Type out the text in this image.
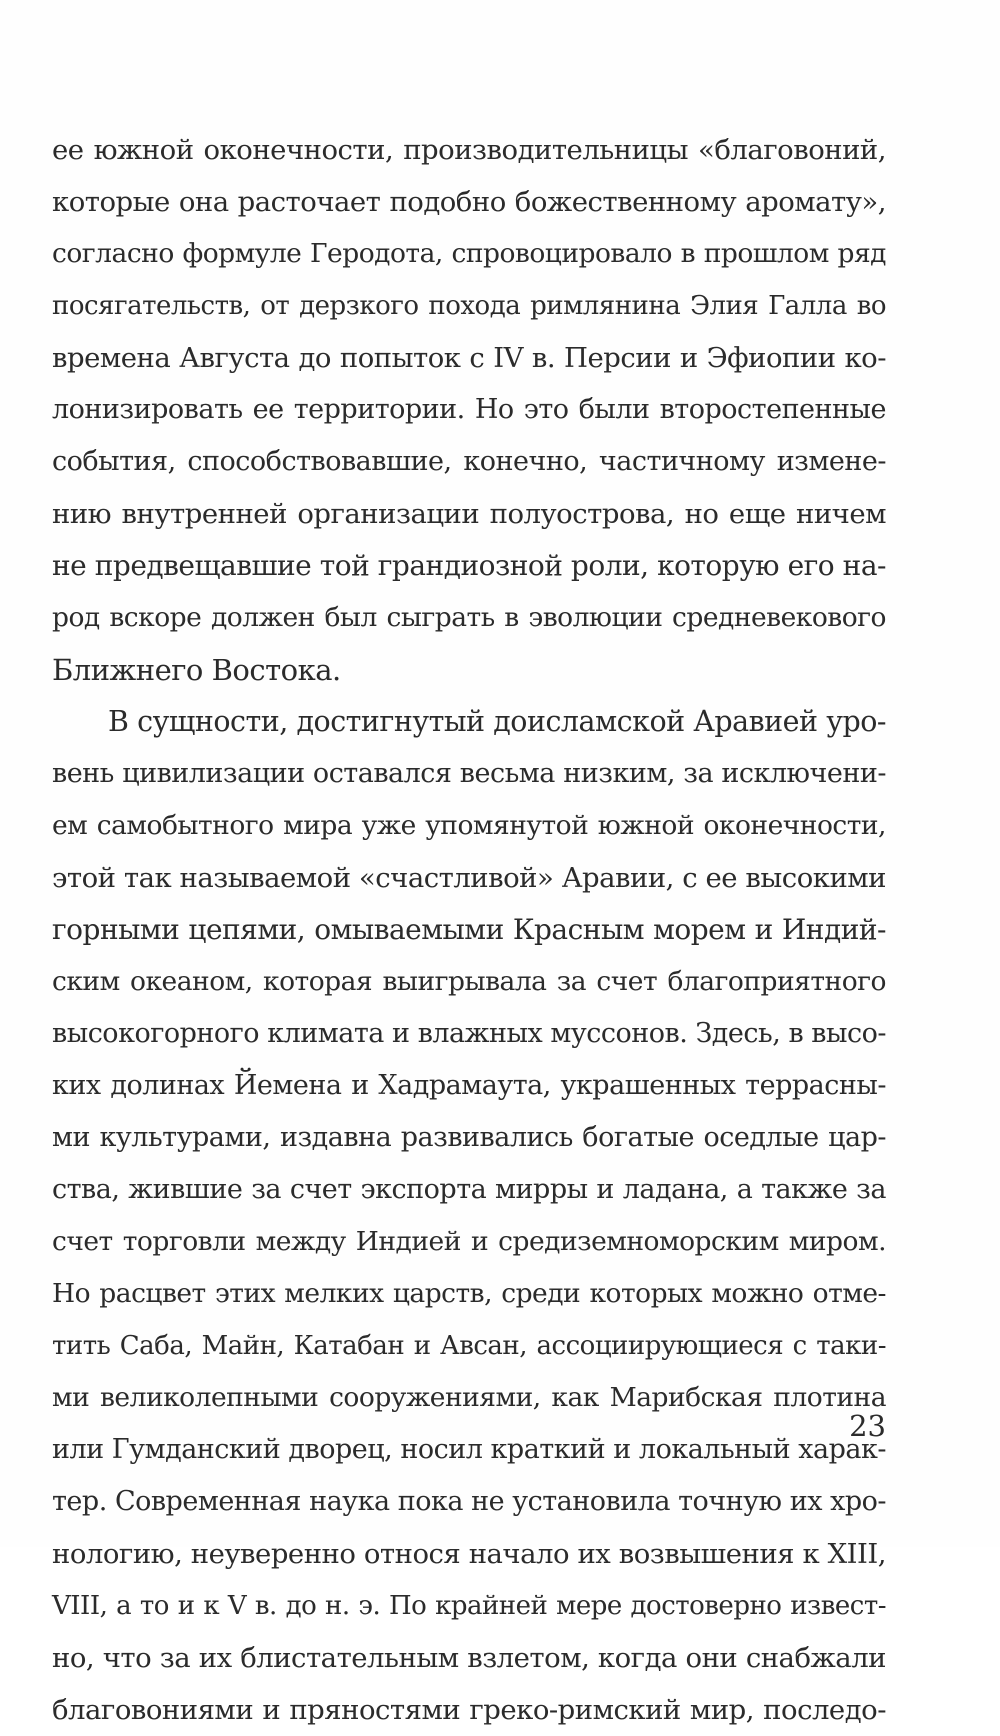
ее южной оконечности, производительницы «благовоний,
которые она расточает подобно божественному аромату»,
согласно формуле Геродота, спровоцировало в прошлом ряд
посягательств, от дерзкого похода римлянина Элия Галла во
времена Августа до попыток с IV в. Персии и Эфиопии ко-
лонизировать ее территории. Но это были второстепенные
события, способствовавшие, конечно, частичному измене-
нию внутренней организации полуострова, но еще ничем
не предвещавшие той грандиозной роли, которую его на-
род вскоре должен был сыграть в эволюции средневекового
Ближнего Востока.
В сущности, достигнутый доисламской Аравией уро-
вень цивилизации оставался весьма низким, за исключени-
ем самобытного мира уже упомянутой южной оконечности,
этой так называемой «счастливой» Аравии, с ее высокими
горными цепями, омываемыми Красным морем и Индий-
ским океаном, которая выигрывала за счет благоприятного
высокогорного климата и влажных муссонов. Здесь, в высо-
ких долинах Йемена и Хадрамаута, украшенных террасны-
ми культурами, издавна развивались богатые оседлые цар-
ства, жившие за счет экспорта мирры и ладана, а также за
счет торговли между Индией и средиземноморским миром.
Но расцвет этих мелких царств, среди которых можно отме-
тить Саба, Майн, Катабан и Авсан, ассоциирующиеся с таки-
ми великолепными сооружениями, как Марибская плотина
или Гумданский дворец, носил краткий и локальный харак-
тер. Современная наука пока не установила точную их хро-
нологию, неуверенно относя начало их возвышения к XIII,
VIII, а то и к V в. до н. э. По крайней мере достоверно извест-
но, что за их блистательным взлетом, когда они снабжали
благовониями и пряностями греко-римский мир, последо-
23
